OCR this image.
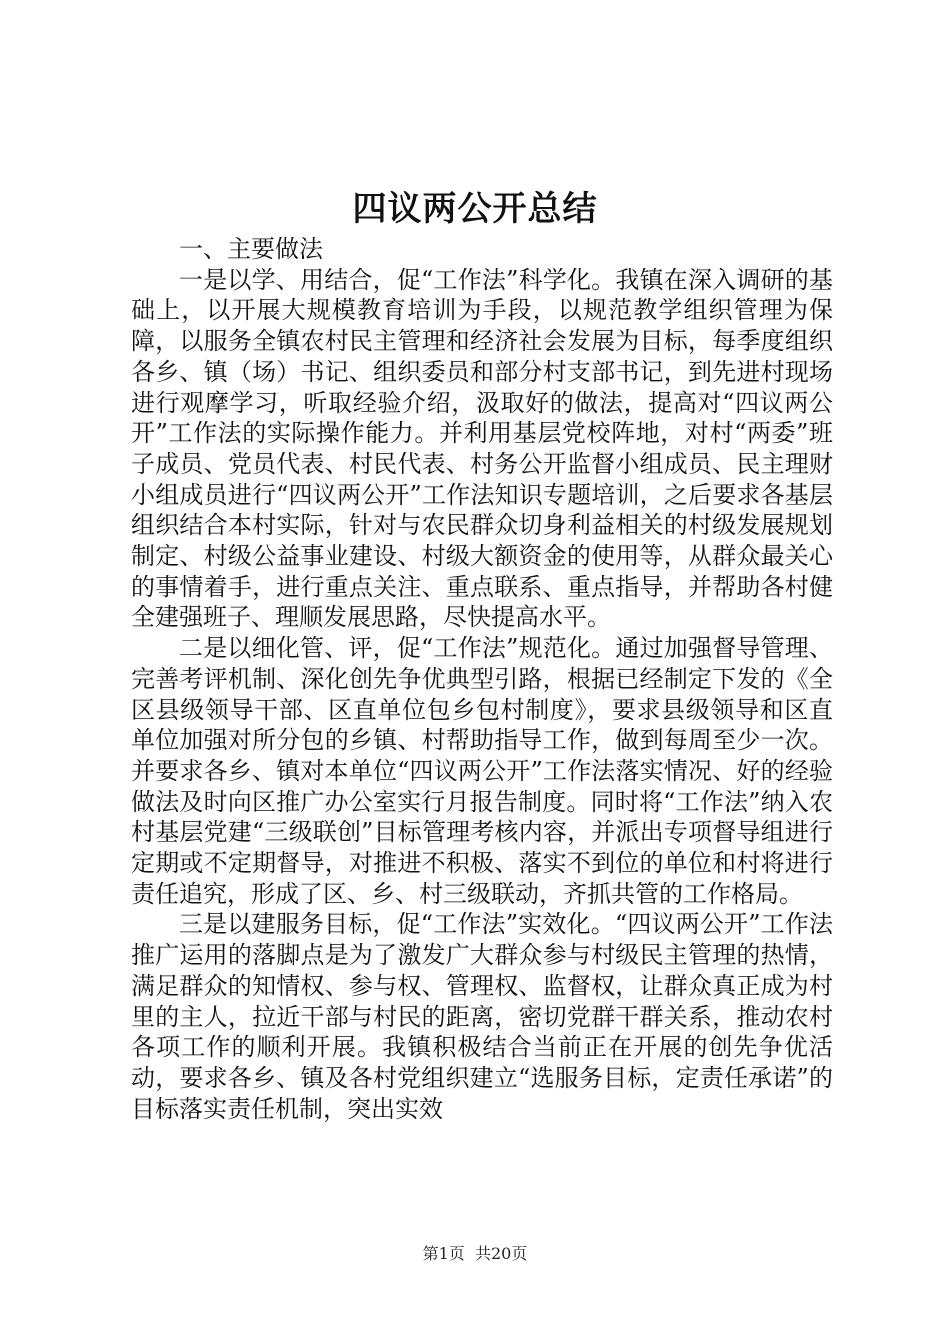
四议两公开总结

一、主要做法

一是以学、用结合，促“工作法”科学化。我镇在深入调研的基础上，以开展大规模教育培训为手段，以规范教学组织管理为保障，以服务全镇农村民主管理和经济社会发展为目标，每季度组织各乡、镇（场）书记、组织委员和部分村支部书记，到先进村现场进行观摩学习，听取经验介绍，汲取好的做法，提高对“四议两公开”工作法的实际操作能力。并利用基层党校阵地，对村“两委”班子成员、党员代表、村民代表、村务公开监督小组成员、民主理财小组成员进行“四议两公开”工作法知识专题培训，之后要求各基层组织结合本村实际，针对与农民群众切身利益相关的村级发展规划制定、村级公益事业建设、村级大额资金的使用等，从群众最关心的事情着手，进行重点关注、重点联系、重点指导，并帮助各村健全建强班子、理顺发展思路，尽快提高水平。

二是以细化管、评，促“工作法”规范化。通过加强督导管理、完善考评机制、深化创先争优典型引路，根据已经制定下发的《全区县级领导干部、区直单位包乡包村制度》，要求县级领导和区直单位加强对所分包的乡镇、村帮助指导工作，做到每周至少一次。并要求各乡、镇对本单位“四议两公开”工作法落实情况、好的经验做法及时向区推广办公室实行月报告制度。同时将“工作法”纳入农村基层党建“三级联创”目标管理考核内容，并派出专项督导组进行定期或不定期督导，对推进不积极、落实不到位的单位和村将进行责任追究，形成了区、乡、村三级联动，齐抓共管的工作格局。

三是以建服务目标，促“工作法”实效化。“四议两公开”工作法推广运用的落脚点是为了激发广大群众参与村级民主管理的热情，满足群众的知情权、参与权、管理权、监督权，让群众真正成为村里的主人，拉近干部与村民的距离，密切党群干群关系，推动农村各项工作的顺利开展。我镇积极结合当前正在开展的创先争优活动，要求各乡、镇及各村党组织建立“选服务目标，定责任承诺”的目标落实责任机制，突出实效

第1页 共20页
